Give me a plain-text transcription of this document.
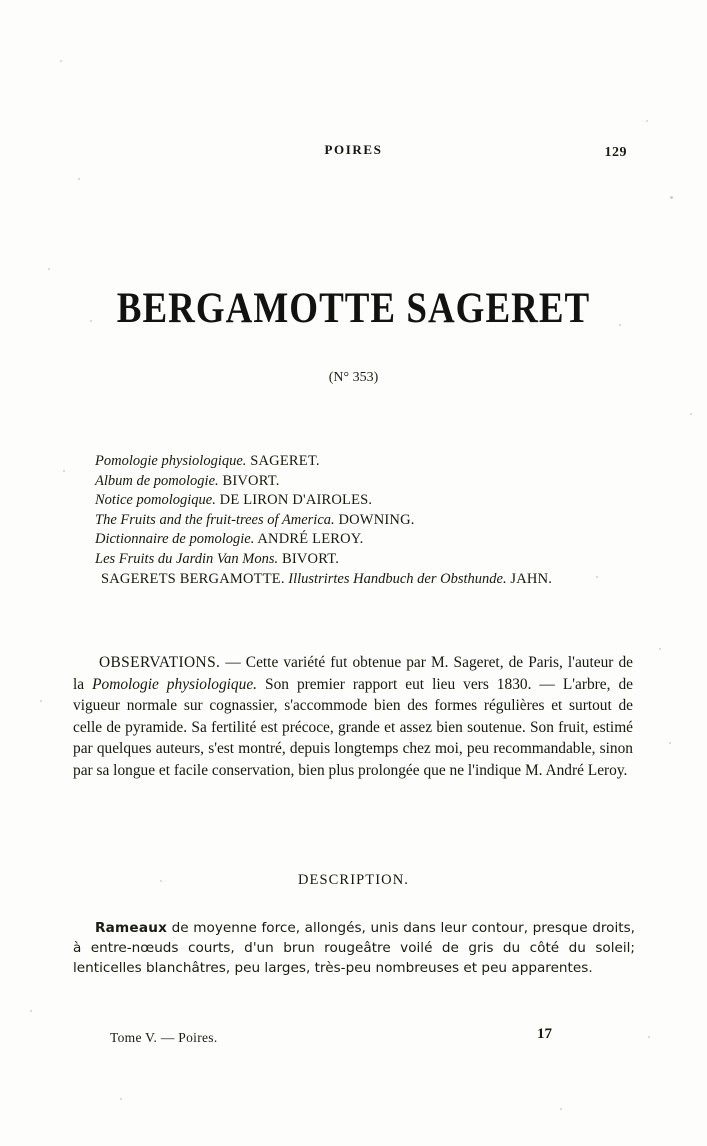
POIRES	129
BERGAMOTTE SAGERET
(N° 353)
Pomologie physiologique. SAGERET.
Album de pomologie. BIVORT.
Notice pomologique. DE LIRON D'AIROLES.
The Fruits and the fruit-trees of America. DOWNING.
Dictionnaire de pomologie. ANDRÉ LEROY.
Les Fruits du Jardin Van Mons. BIVORT.
SAGERETS BERGAMOTTE. Illustrirtes Handbuch der Obsthunde. JAHN.
OBSERVATIONS. — Cette variété fut obtenue par M. Sageret, de Paris, l'auteur de la Pomologie physiologique. Son premier rapport eut lieu vers 1830. — L'arbre, de vigueur normale sur cognassier, s'accommode bien des formes régulières et surtout de celle de pyramide. Sa fertilité est précoce, grande et assez bien soutenue. Son fruit, estimé par quelques auteurs, s'est montré, depuis longtemps chez moi, peu recommandable, sinon par sa longue et facile conservation, bien plus prolongée que ne l'indique M. André Leroy.
DESCRIPTION.
Rameaux de moyenne force, allongés, unis dans leur contour, presque droits, à entre-nœuds courts, d'un brun rougeâtre voilé de gris du côté du soleil; lenticelles blanchâtres, peu larges, très-peu nombreuses et peu apparentes.
Tome V. — Poires.	17
